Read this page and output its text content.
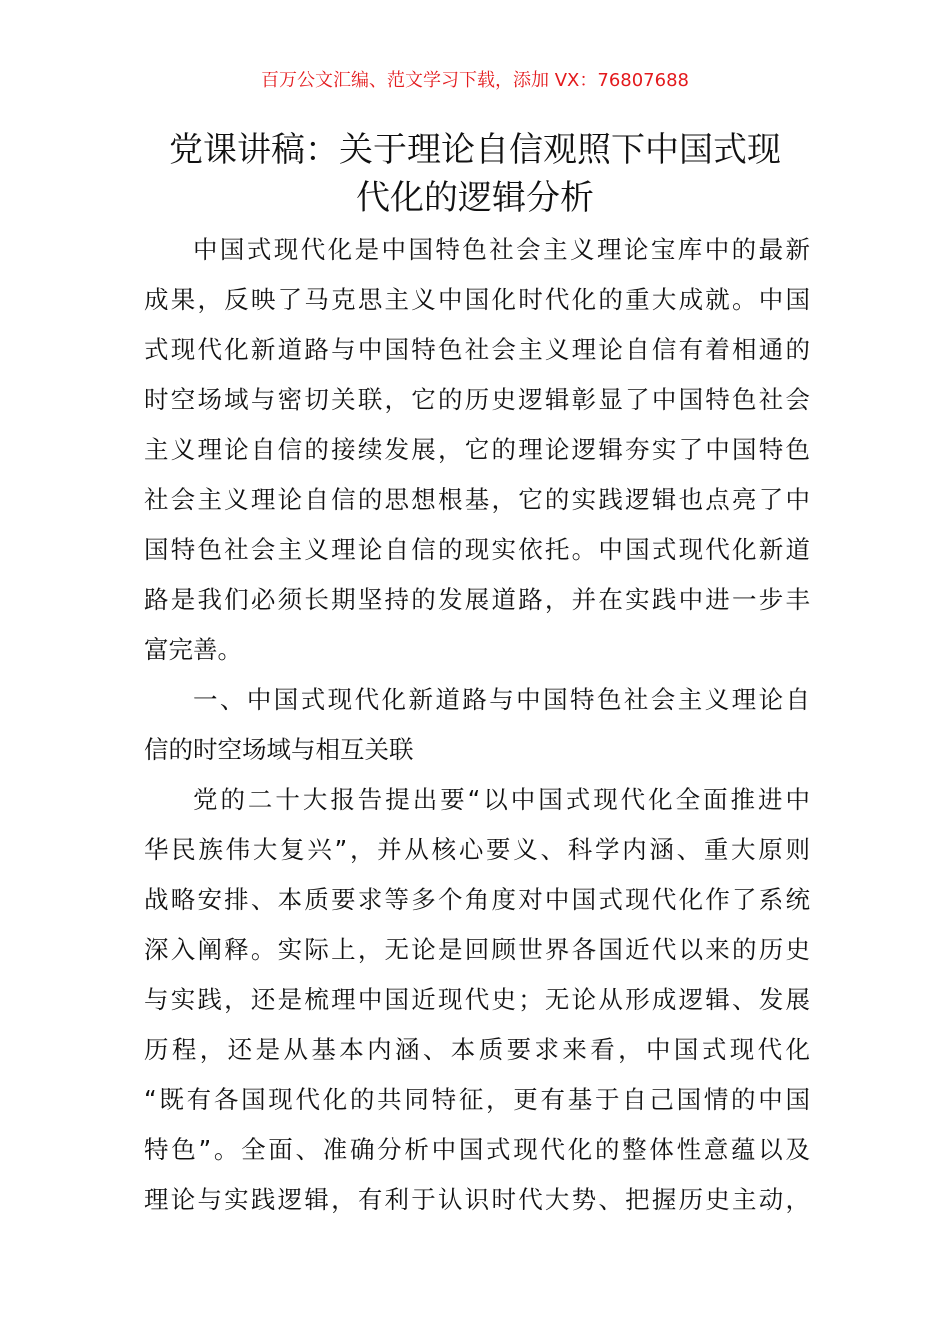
百万公文汇编、范文学习下载，添加 VX：76807688
党课讲稿：关于理论自信观照下中国式现
代化的逻辑分析

中国式现代化是中国特色社会主义理论宝库中的最新
成果，反映了马克思主义中国化时代化的重大成就。中国
式现代化新道路与中国特色社会主义理论自信有着相通的
时空场域与密切关联，它的历史逻辑彰显了中国特色社会
主义理论自信的接续发展，它的理论逻辑夯实了中国特色
社会主义理论自信的思想根基，它的实践逻辑也点亮了中
国特色社会主义理论自信的现实依托。中国式现代化新道
路是我们必须长期坚持的发展道路，并在实践中进一步丰
富完善。

一、中国式现代化新道路与中国特色社会主义理论自
信的时空场域与相互关联

党的二十大报告提出要“以中国式现代化全面推进中
华民族伟大复兴”，并从核心要义、科学内涵、重大原则
战略安排、本质要求等多个角度对中国式现代化作了系统
深入阐释。实际上，无论是回顾世界各国近代以来的历史
与实践，还是梳理中国近现代史；无论从形成逻辑、发展
历程，还是从基本内涵、本质要求来看，中国式现代化
“既有各国现代化的共同特征，更有基于自己国情的中国
特色”。全面、准确分析中国式现代化的整体性意蕴以及
理论与实践逻辑，有利于认识时代大势、把握历史主动，
